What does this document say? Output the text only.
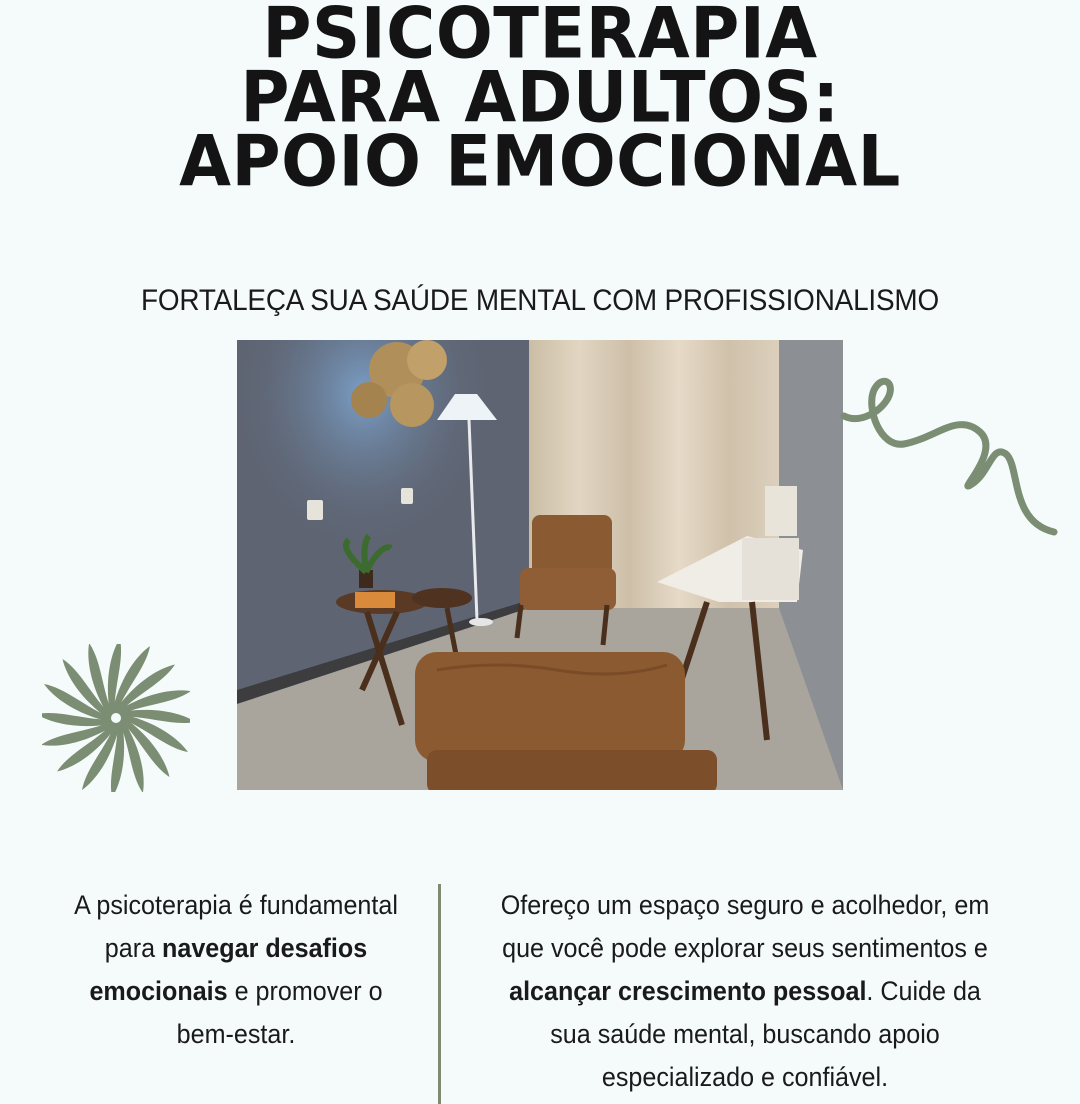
PSICOTERAPIA
PARA ADULTOS:
APOIO EMOCIONAL
FORTALEÇA SUA SAÚDE MENTAL COM PROFISSIONALISMO
A psicoterapia é fundamental para navegar desafios emocionais e promover o bem-estar.
Ofereço um espaço seguro e acolhedor, em que você pode explorar seus sentimentos e alcançar crescimento pessoal. Cuide da sua saúde mental, buscando apoio especializado e confiável.
